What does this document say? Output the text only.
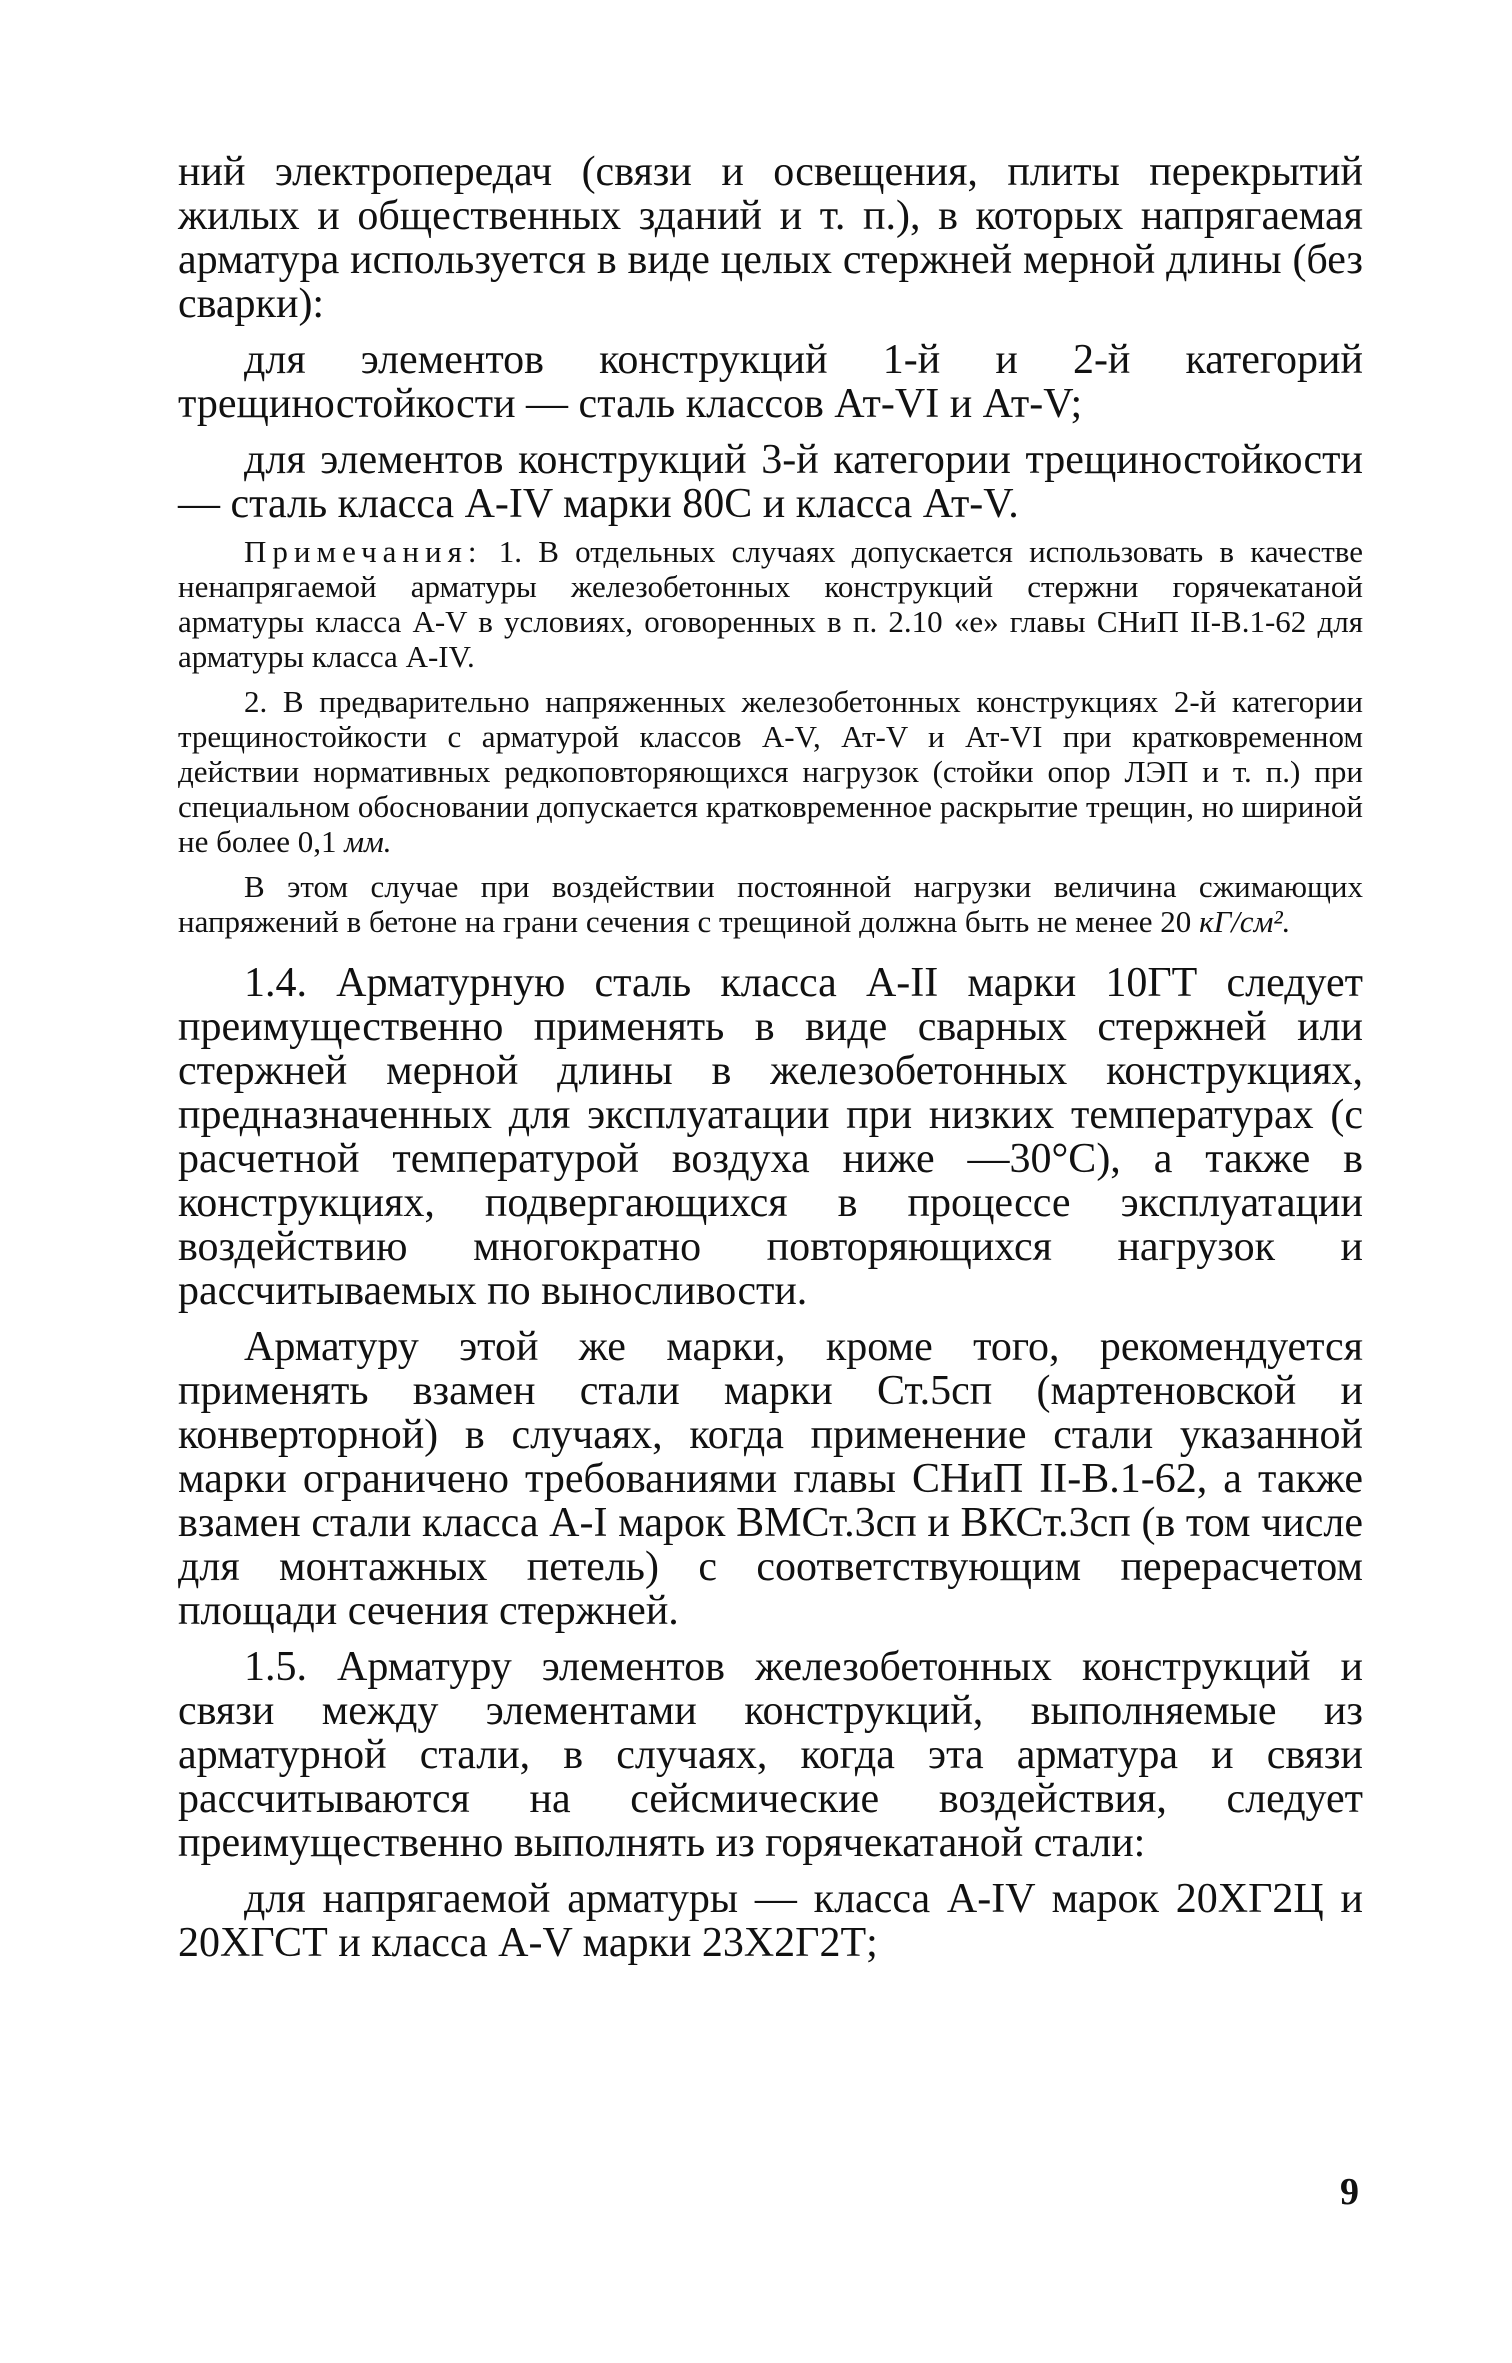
ний электропередач (связи и освещения, плиты перекрытий жилых и общественных зданий и т. п.), в которых напрягаемая арматура используется в виде целых стержней мерной длины (без сварки):

для элементов конструкций 1-й и 2-й категорий трещиностойкости — сталь классов Ат-VI и Ат-V;

для элементов конструкций 3-й категории трещиностойкости — сталь класса А-IV марки 80С и класса Ат-V.

Примечания: 1. В отдельных случаях допускается использовать в качестве ненапрягаемой арматуры железобетонных конструкций стержни горячекатаной арматуры класса А-V в условиях, оговоренных в п. 2.10 «е» главы СНиП II-В.1-62 для арматуры класса А-IV.

2. В предварительно напряженных железобетонных конструкциях 2-й категории трещиностойкости с арматурой классов А-V, Ат-V и Ат-VI при кратковременном действии нормативных редкоповторяющихся нагрузок (стойки опор ЛЭП и т. п.) при специальном обосновании допускается кратковременное раскрытие трещин, но шириной не более 0,1 мм.

В этом случае при воздействии постоянной нагрузки величина сжимающих напряжений в бетоне на грани сечения с трещиной должна быть не менее 20 кГ/см².

1.4. Арматурную сталь класса А-II марки 10ГТ следует преимущественно применять в виде сварных стержней или стержней мерной длины в железобетонных конструкциях, предназначенных для эксплуатации при низких температурах (с расчетной температурой воздуха ниже —30°С), а также в конструкциях, подвергающихся в процессе эксплуатации воздействию многократно повторяющихся нагрузок и рассчитываемых по выносливости.

Арматуру этой же марки, кроме того, рекомендуется применять взамен стали марки Ст.5сп (мартеновской и конверторной) в случаях, когда применение стали указанной марки ограничено требованиями главы СНиП II-В.1-62, а также взамен стали класса А-I марок ВМСт.3сп и ВКСт.3сп (в том числе для монтажных петель) с соответствующим перерасчетом площади сечения стержней.

1.5. Арматуру элементов железобетонных конструкций и связи между элементами конструкций, выполняемые из арматурной стали, в случаях, когда эта арматура и связи рассчитываются на сейсмические воздействия, следует преимущественно выполнять из горячекатаной стали:

для напрягаемой арматуры — класса А-IV марок 20ХГ2Ц и 20ХГСТ и класса А-V марки 23Х2Г2Т;

9
